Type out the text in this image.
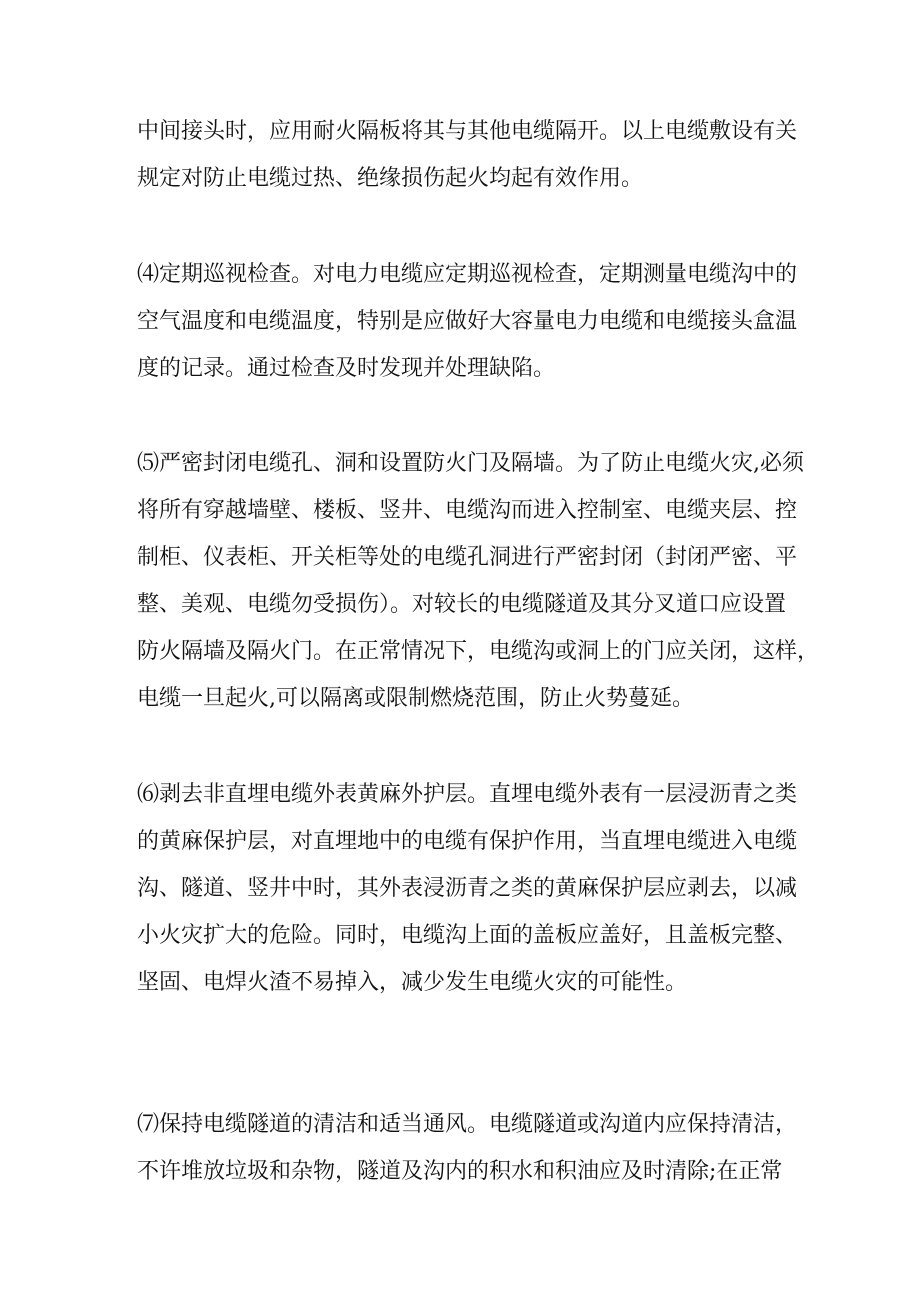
中间接头时，应用耐火隔板将其与其他电缆隔开。以上电缆敷设有关
规定对防止电缆过热、绝缘损伤起火均起有效作用。

⑷定期巡视检查。对电力电缆应定期巡视检查，定期测量电缆沟中的
空气温度和电缆温度，特别是应做好大容量电力电缆和电缆接头盒温
度的记录。通过检查及时发现并处理缺陷。

⑸严密封闭电缆孔、洞和设置防火门及隔墙。为了防止电缆火灾,必须
将所有穿越墙壁、楼板、竖井、电缆沟而进入控制室、电缆夹层、控
制柜、仪表柜、开关柜等处的电缆孔洞进行严密封闭（封闭严密、平
整、美观、电缆勿受损伤）。对较长的电缆隧道及其分叉道口应设置
防火隔墙及隔火门。在正常情况下，电缆沟或洞上的门应关闭，这样，
电缆一旦起火,可以隔离或限制燃烧范围，防止火势蔓延。

⑹剥去非直埋电缆外表黄麻外护层。直埋电缆外表有一层浸沥青之类
的黄麻保护层，对直埋地中的电缆有保护作用，当直埋电缆进入电缆
沟、隧道、竖井中时，其外表浸沥青之类的黄麻保护层应剥去，以减
小火灾扩大的危险。同时，电缆沟上面的盖板应盖好，且盖板完整、
坚固、电焊火渣不易掉入，减少发生电缆火灾的可能性。

⑺保持电缆隧道的清洁和适当通风。电缆隧道或沟道内应保持清洁，
不许堆放垃圾和杂物，隧道及沟内的积水和积油应及时清除;在正常
